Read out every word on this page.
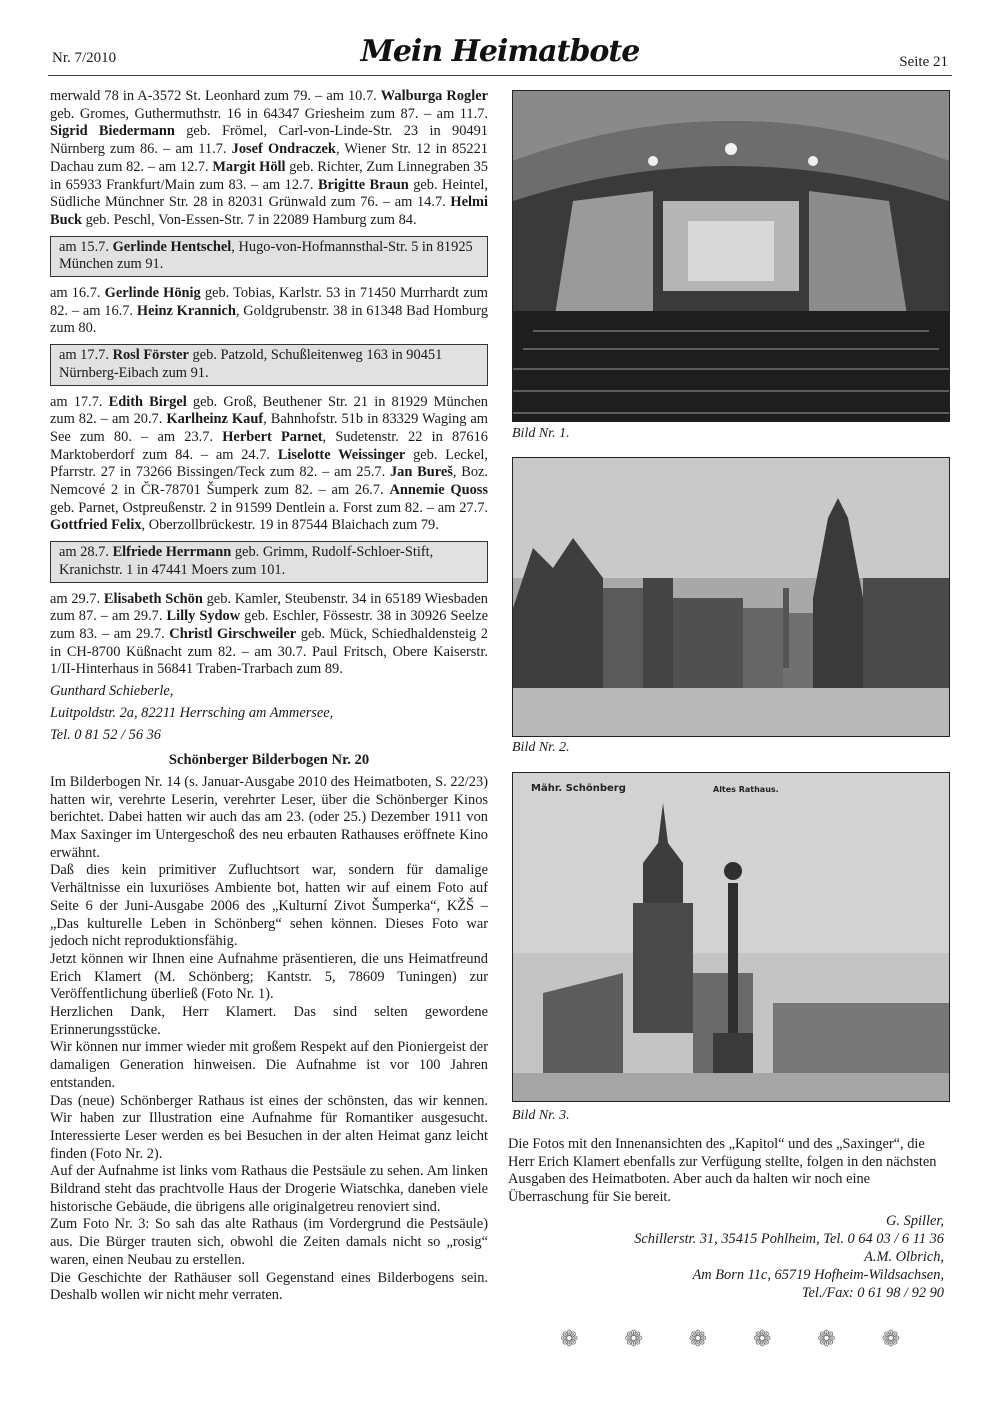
Nr. 7/2010	Mein Heimatbote	Seite 21

merwald 78 in A-3572 St. Leonhard zum 79. – am 10.7. Walburga Rogler geb. Gromes, Guthermuthstr. 16 in 64347 Griesheim zum 87. – am 11.7. Sigrid Biedermann geb. Frömel, Carl-von-Linde-Str. 23 in 90491 Nürnberg zum 86. – am 11.7. Josef Ondraczek, Wiener Str. 12 in 85221 Dachau zum 82. – am 12.7. Margit Höll geb. Richter, Zum Linnegraben 35 in 65933 Frankfurt/Main zum 83. – am 12.7. Brigitte Braun geb. Heintel, Südliche Münchner Str. 28 in 82031 Grünwald zum 76. – am 14.7. Helmi Buck geb. Peschl, Von-Essen-Str. 7 in 22089 Hamburg zum 84.

am 15.7. Gerlinde Hentschel, Hugo-von-Hofmannsthal-Str. 5 in 81925 München zum 91.

am 16.7. Gerlinde Hönig geb. Tobias, Karlstr. 53 in 71450 Murrhardt zum 82. – am 16.7. Heinz Krannich, Goldgrubenstr. 38 in 61348 Bad Homburg zum 80.

am 17.7. Rosl Förster geb. Patzold, Schußleitenweg 163 in 90451 Nürnberg-Eibach zum 91.

am 17.7. Edith Birgel geb. Groß, Beuthener Str. 21 in 81929 München zum 82. – am 20.7. Karlheinz Kauf, Bahnhofstr. 51b in 83329 Waging am See zum 80. – am 23.7. Herbert Parnet, Sudetenstr. 22 in 87616 Marktoberdorf zum 84. – am 24.7. Liselotte Weissinger geb. Leckel, Pfarrstr. 27 in 73266 Bissingen/Teck zum 82. – am 25.7. Jan Bureš, Boz. Nemcové 2 in ČR-78701 Šumperk zum 82. – am 26.7. Annemie Quoss geb. Parnet, Ostpreußenstr. 2 in 91599 Dentlein a. Forst zum 82. – am 27.7. Gottfried Felix, Oberzollbrückestr. 19 in 87544 Blaichach zum 79.

am 28.7. Elfriede Herrmann geb. Grimm, Rudolf-Schloer-Stift, Kranichstr. 1 in 47441 Moers zum 101.

am 29.7. Elisabeth Schön geb. Kamler, Steubenstr. 34 in 65189 Wiesbaden zum 87. – am 29.7. Lilly Sydow geb. Eschler, Fössestr. 38 in 30926 Seelze zum 83. – am 29.7. Christl Girschweiler geb. Mück, Schiedhaldensteig 2 in CH-8700 Küßnacht zum 82. – am 30.7. Paul Fritsch, Obere Kaiserstr. 1/II-Hinterhaus in 56841 Traben-Trarbach zum 89.

Gunthard Schieberle,

Luitpoldstr. 2a, 82211 Herrsching am Ammersee,

Tel. 0 81 52 / 56 36

Schönberger Bilderbogen Nr. 20

Im Bilderbogen Nr. 14 (s. Januar-Ausgabe 2010 des Heimatboten, S. 22/23) hatten wir, verehrte Leserin, verehrter Leser, über die Schönberger Kinos berichtet. Dabei hatten wir auch das am 23. (oder 25.) Dezember 1911 von Max Saxinger im Untergeschoß des neu erbauten Rathauses eröffnete Kino erwähnt.

Daß dies kein primitiver Zufluchtsort war, sondern für damalige Verhältnisse ein luxuriöses Ambiente bot, hatten wir auf einem Foto auf Seite 6 der Juni-Ausgabe 2006 des „Kulturní Zivot Šumperka“, KŽŠ – „Das kulturelle Leben in Schönberg“ sehen können. Dieses Foto war jedoch nicht reproduktionsfähig.

Jetzt können wir Ihnen eine Aufnahme präsentieren, die uns Heimatfreund Erich Klamert (M. Schönberg; Kantstr. 5, 78609 Tuningen) zur Veröffentlichung überließ (Foto Nr. 1).

Herzlichen Dank, Herr Klamert. Das sind selten gewordene Erinnerungsstücke.

Wir können nur immer wieder mit großem Respekt auf den Pioniergeist der damaligen Generation hinweisen. Die Aufnahme ist vor 100 Jahren entstanden.

Das (neue) Schönberger Rathaus ist eines der schönsten, das wir kennen. Wir haben zur Illustration eine Aufnahme für Romantiker ausgesucht. Interessierte Leser werden es bei Besuchen in der alten Heimat ganz leicht finden (Foto Nr. 2).

Auf der Aufnahme ist links vom Rathaus die Pestsäule zu sehen. Am linken Bildrand steht das prachtvolle Haus der Drogerie Wiatschka, daneben viele historische Gebäude, die übrigens alle originalgetreu renoviert sind.

Zum Foto Nr. 3: So sah das alte Rathaus (im Vordergrund die Pestsäule) aus. Die Bürger trauten sich, obwohl die Zeiten damals nicht so „rosig“ waren, einen Neubau zu erstellen.

Die Geschichte der Rathäuser soll Gegenstand eines Bilderbogens sein. Deshalb wollen wir nicht mehr verraten.

Bild Nr. 1.
Bild Nr. 2.
Mähr. Schönberg	Altes Rathaus.
Bild Nr. 3.

Die Fotos mit den Innenansichten des „Kapitol“ und des „Saxinger“, die Herr Erich Klamert ebenfalls zur Verfügung stellte, folgen in den nächsten Ausgaben des Heimatboten. Aber auch da halten wir noch eine Überraschung für Sie bereit.

G. Spiller,
Schillerstr. 31, 35415 Pohlheim, Tel. 0 64 03 / 6 11 36
A.M. Olbrich,
Am Born 11c, 65719 Hofheim-Wildsachsen,
Tel./Fax: 0 61 98 / 92 90
❁ ❁ ❁ ❁ ❁ ❁
